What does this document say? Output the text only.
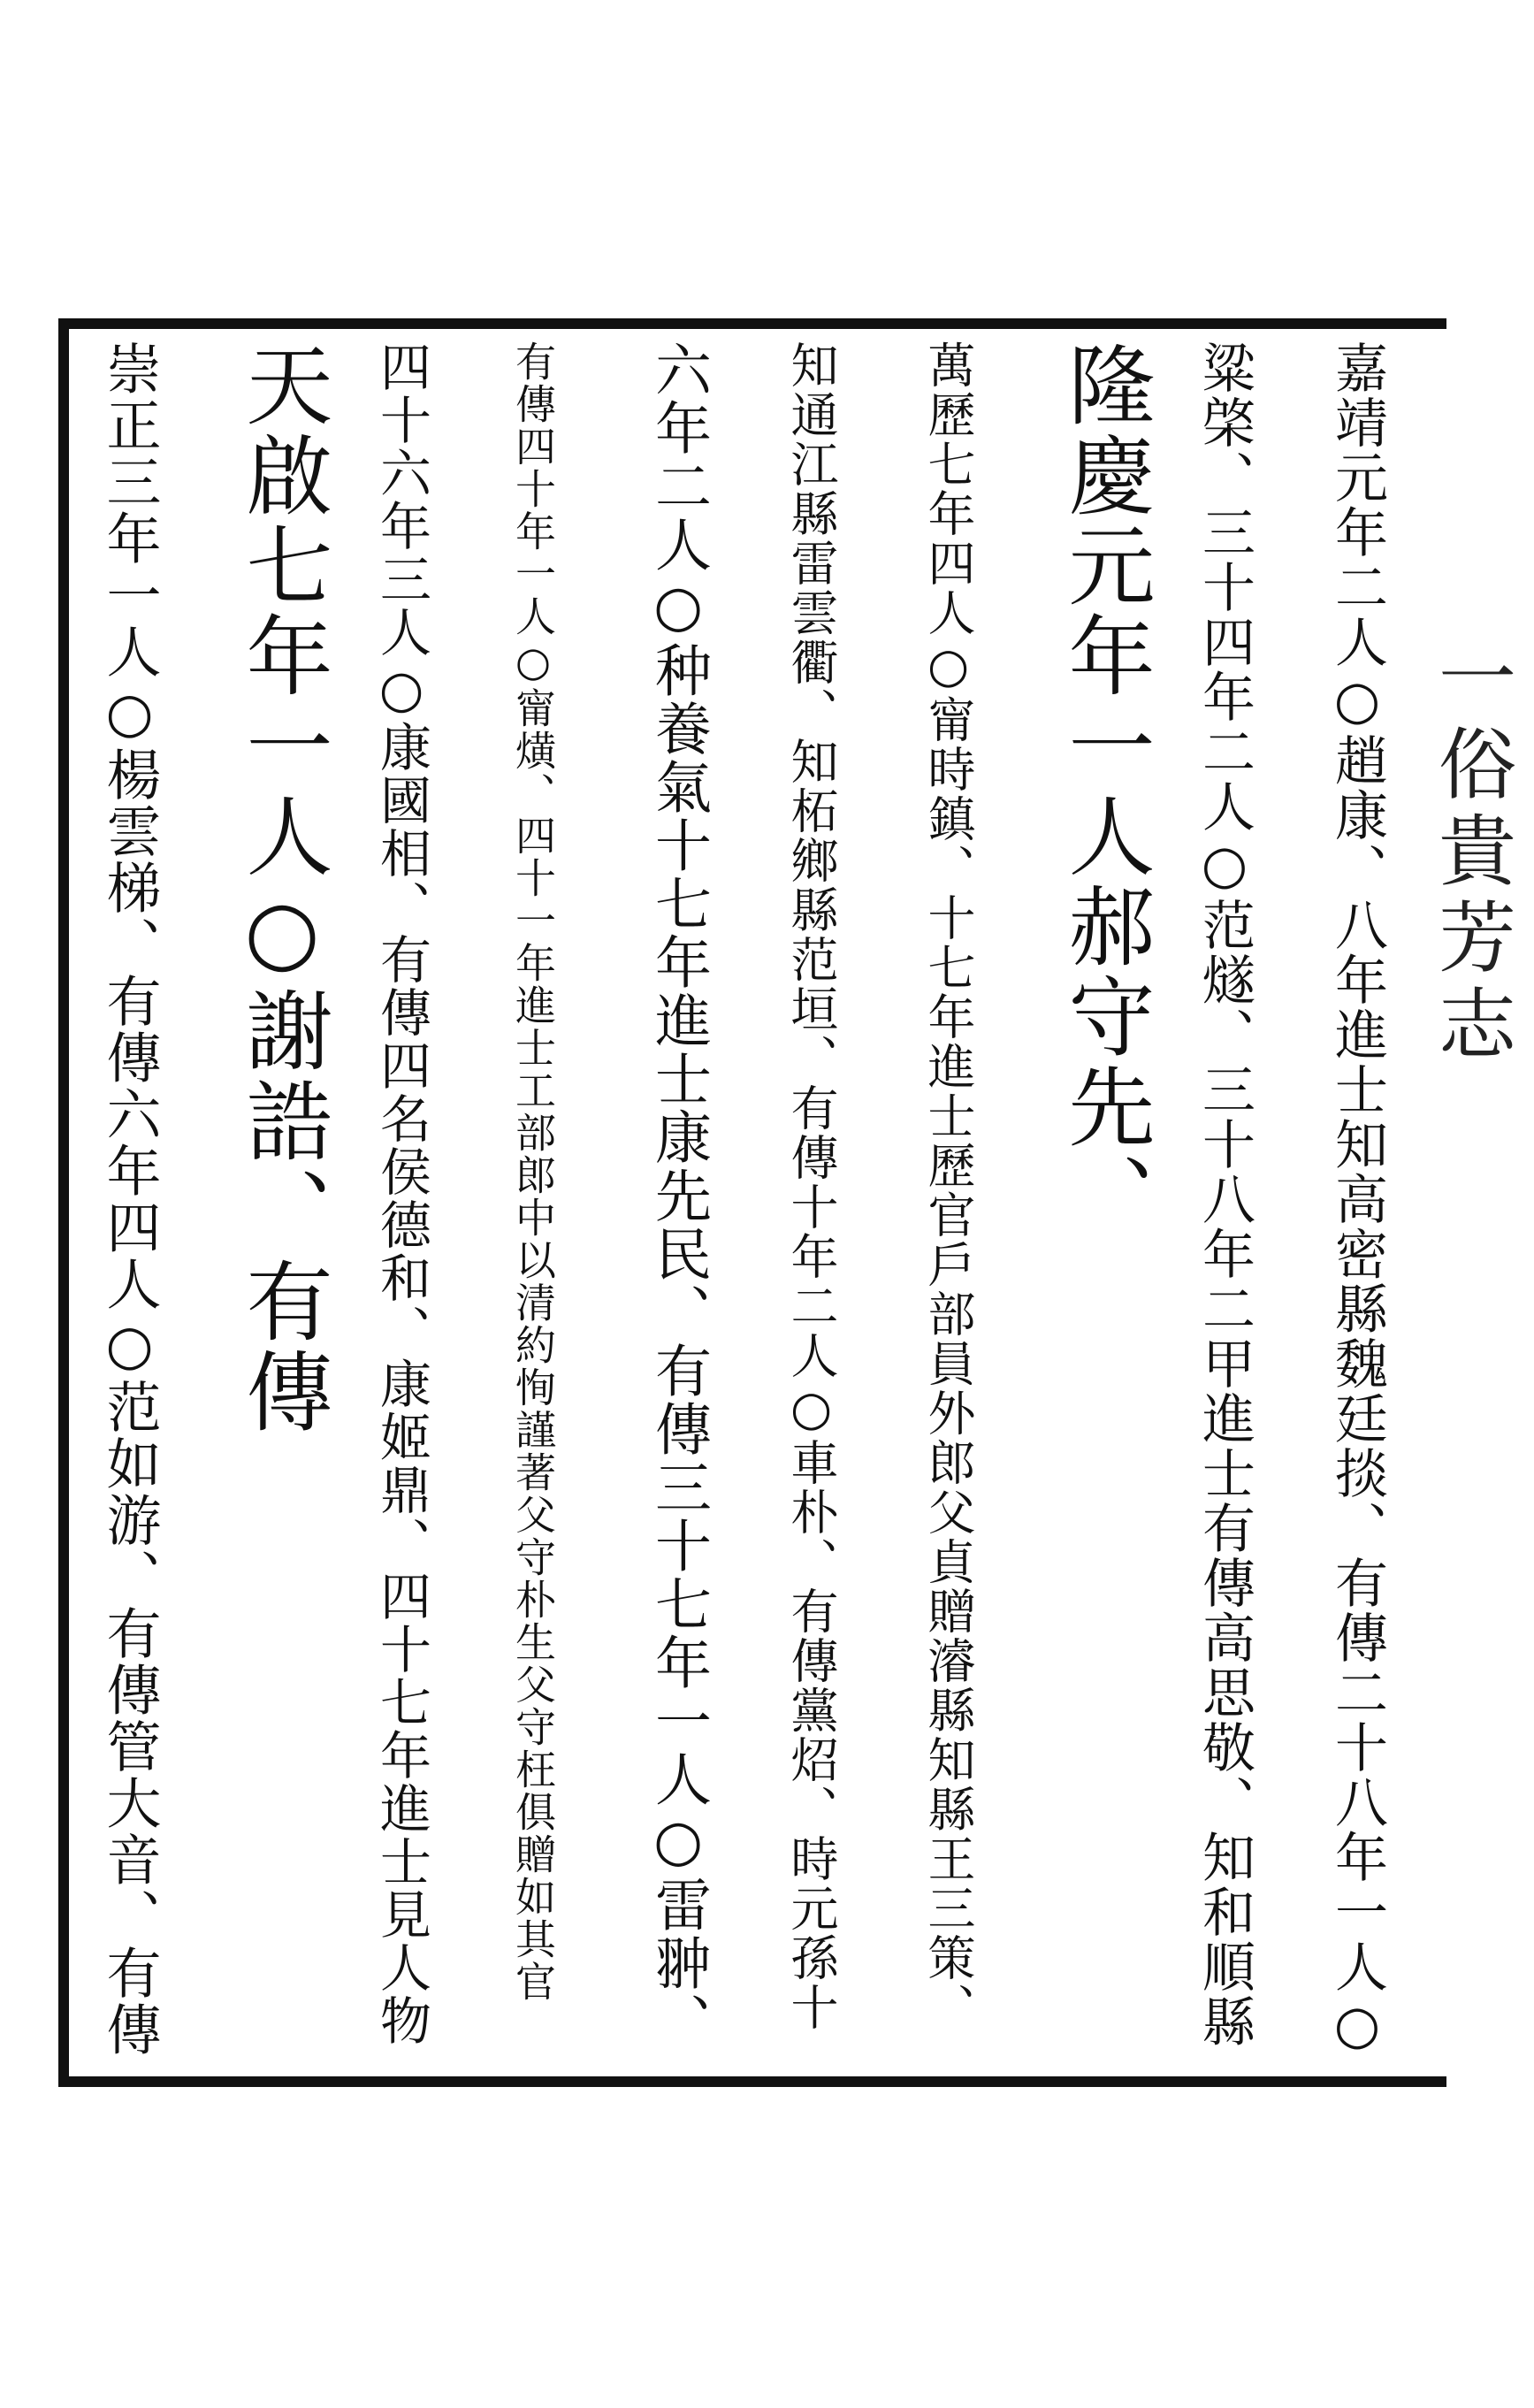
一俗貴芳志
嘉靖元年二人○趙康、八年進士知高密縣魏廷掞、有傳二十八年一人○
粱棨、三十四年二人○范燧、三十八年二甲進士有傳高思敬、知和順縣
隆慶元年一人郝守先、
萬歷七年四人○甯時鎮、十七年進士歷官戶部員外郎父貞贈濬縣知縣王三策、
知通江縣雷雲衢、知柘鄉縣范垣、有傳十年二人○車朴、有傳黨炤、時元孫十
六年二人○种養氣十七年進士康先民、有傳三十七年一人○雷翀、
有傳四十年一人○甯熿、四十一年進士工部郎中以清約恂謹著父守朴生父守枉俱贈如其官
四十六年三人○康國相、有傳四名侯德和、康姬鼎、四十七年進士見人物
天啟七年一人○謝誥、有傳
崇正三年一人○楊雲梯、有傳六年四人○范如游、有傳管大音、有傳
